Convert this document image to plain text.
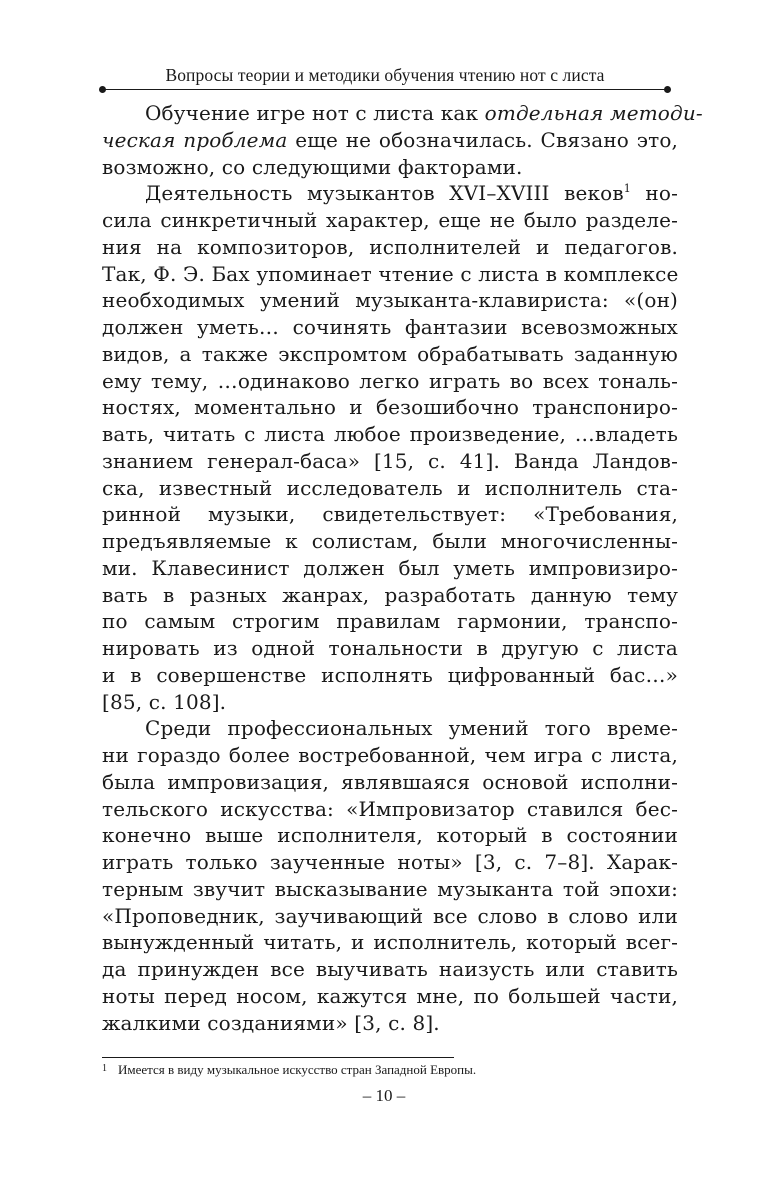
Вопросы теории и методики обучения чтению нот с листа
Обучение игре нот с листа как отдельная методи-
ческая проблема еще не обозначилась. Связано это,
возможно, со следующими факторами.
Деятельность музыкантов XVI–XVIII веков$^1$ но-
сила синкретичный характер, еще не было разделе-
ния на композиторов, исполнителей и педагогов.
Так, Ф. Э. Бах упоминает чтение с листа в комплексе
необходимых умений музыканта-клавириста: «(он)
должен уметь… сочинять фантазии всевозможных
видов, а также экспромтом обрабатывать заданную
ему тему, …одинаково легко играть во всех тональ-
ностях, моментально и безошибочно транспониро-
вать, читать с листа любое произведение, …владеть
знанием генерал-баса» [15, с. 41]. Ванда Ландов-
ска, известный исследователь и исполнитель ста-
ринной музыки, свидетельствует: «Требования,
предъявляемые к солистам, были многочисленны-
ми. Клавесинист должен был уметь импровизиро-
вать в разных жанрах, разработать данную тему
по самым строгим правилам гармонии, транспо-
нировать из одной тональности в другую с листа
и в совершенстве исполнять цифрованный бас…»
[85, с. 108].
Среди профессиональных умений того време-
ни гораздо более востребованной, чем игра с листа,
была импровизация, являвшаяся основой исполни-
тельского искусства: «Импровизатор ставился бес-
конечно выше исполнителя, который в состоянии
играть только заученные ноты» [3, с. 7–8]. Харак-
терным звучит высказывание музыканта той эпохи:
«Проповедник, заучивающий все слово в слово или
вынужденный читать, и исполнитель, который всег-
да принужден все выучивать наизусть или ставить
ноты перед носом, кажутся мне, по большей части,
жалкими созданиями» [3, с. 8].
1 Имеется в виду музыкальное искусство стран Западной Европы.
– 10 –
